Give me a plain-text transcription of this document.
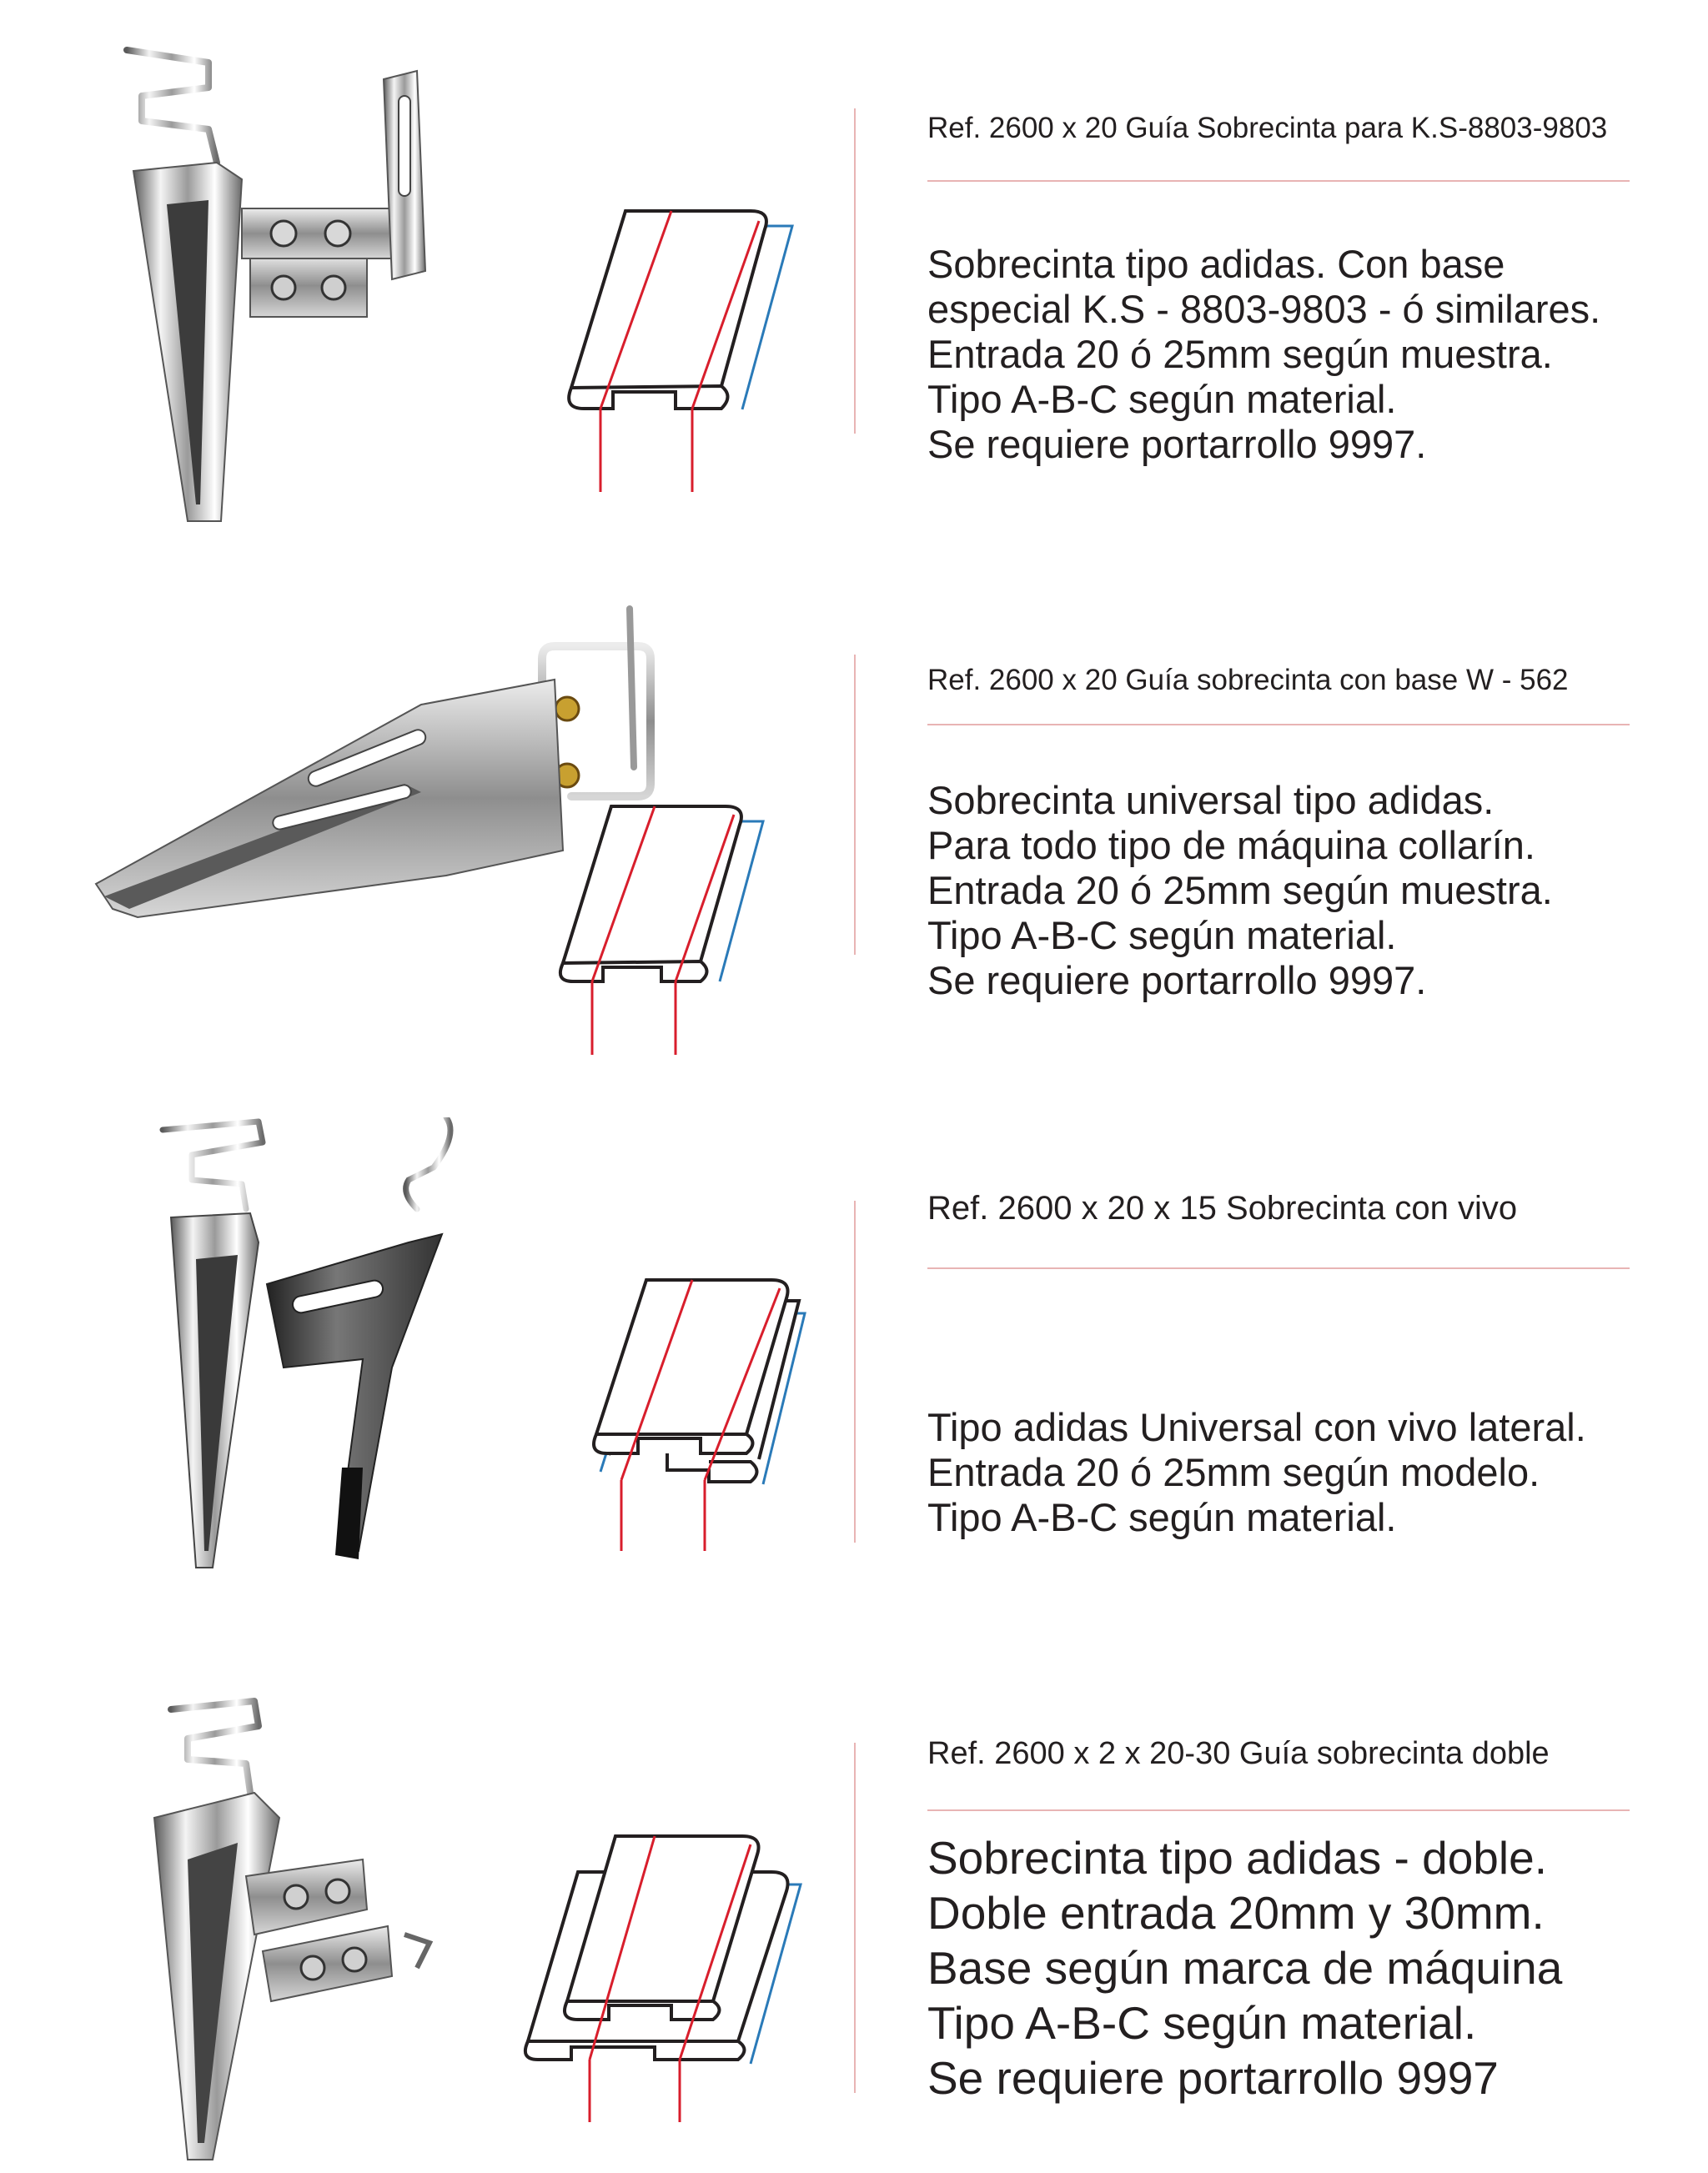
Ref. 2600 x 20 Guía Sobrecinta para K.S-8803-9803
Sobrecinta tipo adidas. Con base
especial K.S - 8803-9803 - ó similares.
Entrada 20 ó 25mm según muestra.
Tipo A-B-C según material.
Se requiere portarrollo 9997.
Ref. 2600 x 20 Guía sobrecinta con base W - 562
Sobrecinta universal tipo adidas.
Para todo tipo de máquina collarín.
Entrada 20 ó 25mm según muestra.
Tipo A-B-C según material.
Se requiere portarrollo 9997.
Ref. 2600 x 20 x 15 Sobrecinta con vivo
Tipo adidas Universal con vivo lateral.
Entrada 20 ó 25mm según modelo.
Tipo A-B-C según material.
Ref. 2600 x 2 x 20-30 Guía sobrecinta doble
Sobrecinta tipo adidas - doble.
Doble entrada 20mm y 30mm.
Base según marca de máquina
Tipo A-B-C según material.
Se requiere portarrollo 9997
